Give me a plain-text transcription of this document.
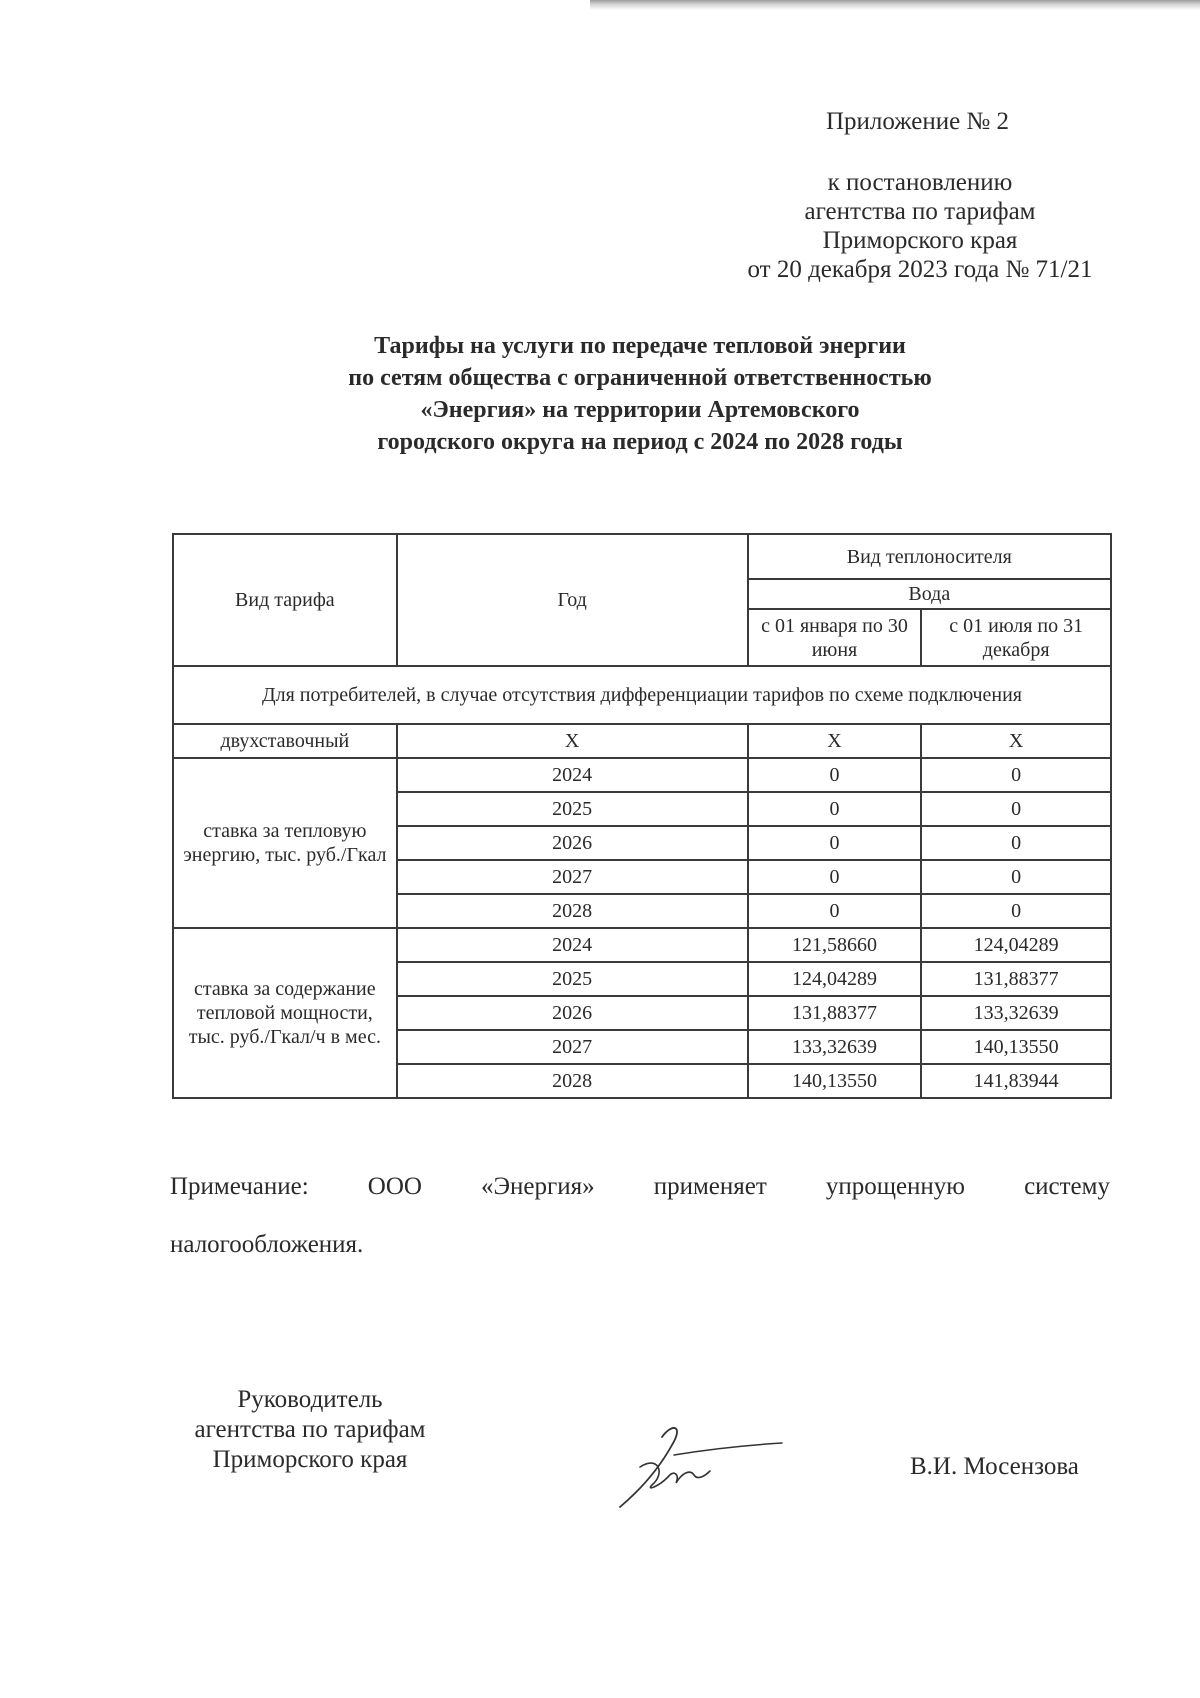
Приложение № 2
к постановлению
агентства по тарифам
Приморского края
от 20 декабря 2023 года № 71/21
Тарифы на услуги по передаче тепловой энергии
по сетям общества с ограниченной ответственностью
«Энергия» на территории Артемовского
городского округа на период с 2024 по 2028 годы
Вид тарифа	Год	Вид теплоносителя	
		Вода	
		с 01 января по 30 июня	с 01 июля по 31 декабря
Для потребителей, в случае отсутствия дифференциации тарифов по схеме подключения			
двухставочный	X	X	X
ставка за тепловую энергию, тыс. руб./Гкал	2024	0	0
	2025	0	0
	2026	0	0
	2027	0	0
	2028	0	0
ставка за содержание тепловой мощности, тыс. руб./Гкал/ч в мес.	2024	121,58660	124,04289
	2025	124,04289	131,88377
	2026	131,88377	133,32639
	2027	133,32639	140,13550
	2028	140,13550	141,83944
Примечание: ООО «Энергия» применяет упрощенную системy
налогообложения.
Руководитель
агентства по тарифам
Приморского края	В.И. Мосензова
